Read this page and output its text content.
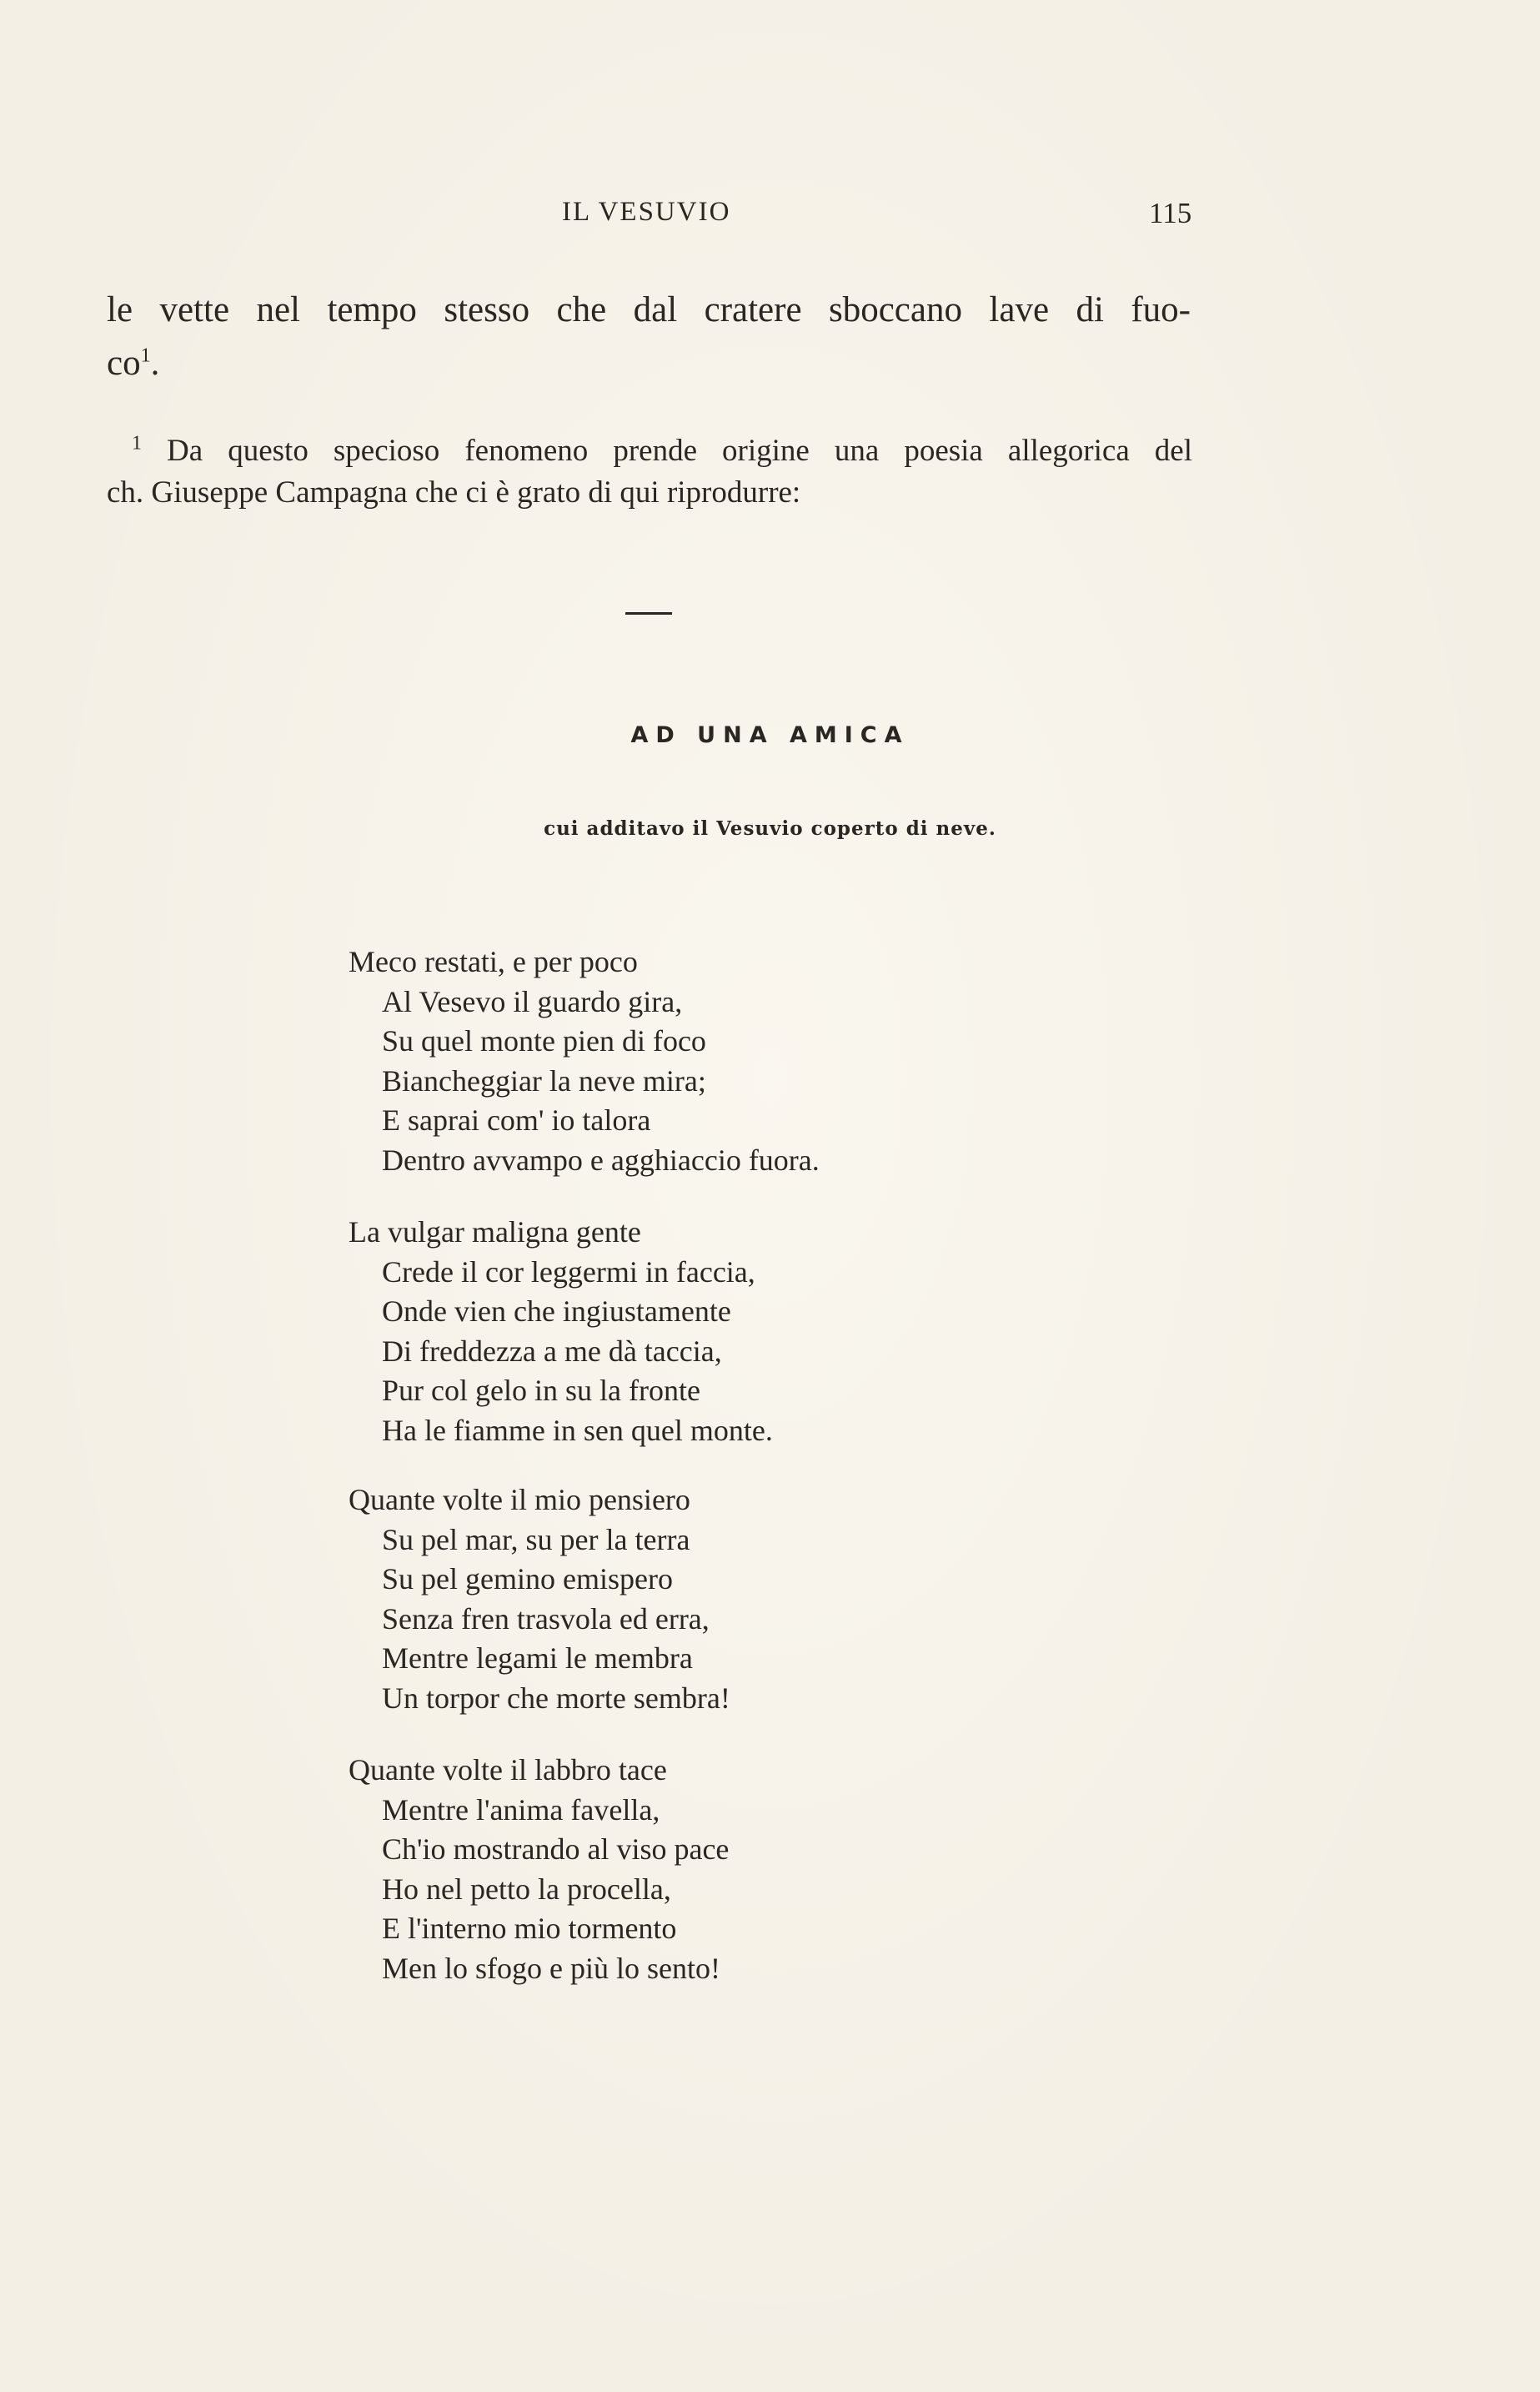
IL VESUVIO	115
le vette nel tempo stesso che dal cratere sboccano lave di fuo-
$co^1$.
$^1$ Da questo specioso fenomeno prende origine una poesia allegorica del
ch. Giuseppe Campagna che ci è grato di qui riprodurre:
AD UNA AMICA
cui additavo il Vesuvio coperto di neve.
Meco restati, e per poco
Al Vesevo il guardo gira,
Su quel monte pien di foco
Biancheggiar la neve mira;
E saprai com' io talora
Dentro avvampo e agghiaccio fuora.
La vulgar maligna gente
Crede il cor leggermi in faccia,
Onde vien che ingiustamente
Di freddezza a me dà taccia,
Pur col gelo in su la fronte
Ha le fiamme in sen quel monte.
Quante volte il mio pensiero
Su pel mar, su per la terra
Su pel gemino emispero
Senza fren trasvola ed erra,
Mentre legami le membra
Un torpor che morte sembra!
Quante volte il labbro tace
Mentre l'anima favella,
Ch'io mostrando al viso pace
Ho nel petto la procella,
E l'interno mio tormento
Men lo sfogo e più lo sento!
